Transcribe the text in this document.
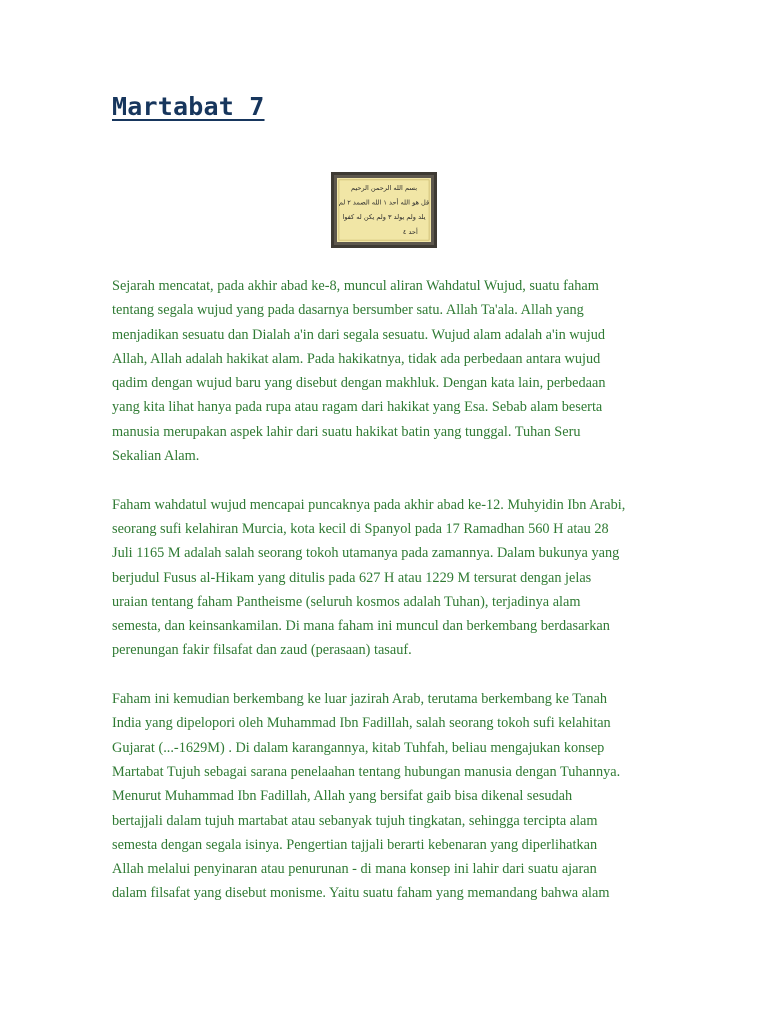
Martabat 7
بسم الله الرحمن الرحيم
قل هو الله أحد ١ الله الصمد ٢ لم
يلد ولم يولد ٣ ولم يكن له كفوا
أحد ٤

Sejarah mencatat, pada akhir abad ke-8, muncul aliran Wahdatul Wujud, suatu faham
tentang segala wujud yang pada dasarnya bersumber satu. Allah Ta'ala. Allah yang
menjadikan sesuatu dan Dialah a'in dari segala sesuatu. Wujud alam adalah a'in wujud
Allah, Allah adalah hakikat alam. Pada hakikatnya, tidak ada perbedaan antara wujud
qadim dengan wujud baru yang disebut dengan makhluk. Dengan kata lain, perbedaan
yang kita lihat hanya pada rupa atau ragam dari hakikat yang Esa. Sebab alam beserta
manusia merupakan aspek lahir dari suatu hakikat batin yang tunggal. Tuhan Seru
Sekalian Alam.

Faham wahdatul wujud mencapai puncaknya pada akhir abad ke-12. Muhyidin Ibn Arabi,
seorang sufi kelahiran Murcia, kota kecil di Spanyol pada 17 Ramadhan 560 H atau 28
Juli 1165 M adalah salah seorang tokoh utamanya pada zamannya. Dalam bukunya yang
berjudul Fusus al-Hikam yang ditulis pada 627 H atau 1229 M tersurat dengan jelas
uraian tentang faham Pantheisme (seluruh kosmos adalah Tuhan), terjadinya alam
semesta, dan keinsankamilan. Di mana faham ini muncul dan berkembang berdasarkan
perenungan fakir filsafat dan zaud (perasaan) tasauf.

Faham ini kemudian berkembang ke luar jazirah Arab, terutama berkembang ke Tanah
India yang dipelopori oleh Muhammad Ibn Fadillah, salah seorang tokoh sufi kelahitan
Gujarat (...-1629M) . Di dalam karangannya, kitab Tuhfah, beliau mengajukan konsep
Martabat Tujuh sebagai sarana penelaahan tentang hubungan manusia dengan Tuhannya.
Menurut Muhammad Ibn Fadillah, Allah yang bersifat gaib bisa dikenal sesudah
bertajjali dalam tujuh martabat atau sebanyak tujuh tingkatan, sehingga tercipta alam
semesta dengan segala isinya. Pengertian tajjali berarti kebenaran yang diperlihatkan
Allah melalui penyinaran atau penurunan - di mana konsep ini lahir dari suatu ajaran
dalam filsafat yang disebut monisme. Yaitu suatu faham yang memandang bahwa alam
